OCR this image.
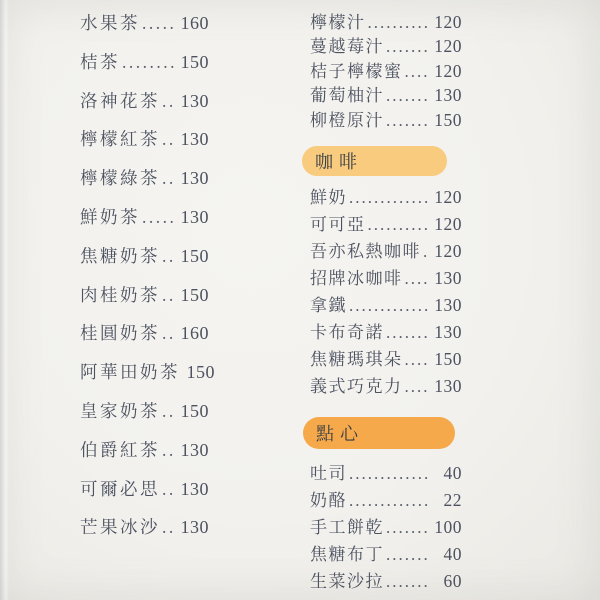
水果茶 ..... 160
桔茶 .....	150
洛神花茶 ..... 130
檸檬紅茶 ..... 130
檸檬綠茶 ..... 130
鮮奶茶 ..... 130
焦糖奶茶 ..... 150
肉桂奶茶 ..... 150
桂圓奶茶 ..... 160
阿華田奶茶 150
皇家奶茶 ..... 150
伯爵紅茶 ..... 130
可爾必思 ..... 130
芒果冰沙 ..... 130
檸檬汁 .....	120
蔓越莓汁 .....	120
桔子檸檬蜜 ..... 120
葡萄柚汁 .....	130
柳橙原汁 .....	150
咖啡
鮮奶 .....	120
可可亞 .....	120
吾亦私熱咖啡 ..... 120
招牌冰咖啡 ..... 130
拿鐵 .....	130
卡布奇諾 .....	130
焦糖瑪琪朵 ..... 150
義式巧克力 ..... 130
點心
吐司 .....	40
奶酪 .....	22
手工餅乾 .....	100
焦糖布丁 .....	40
生菜沙拉 .....	60
